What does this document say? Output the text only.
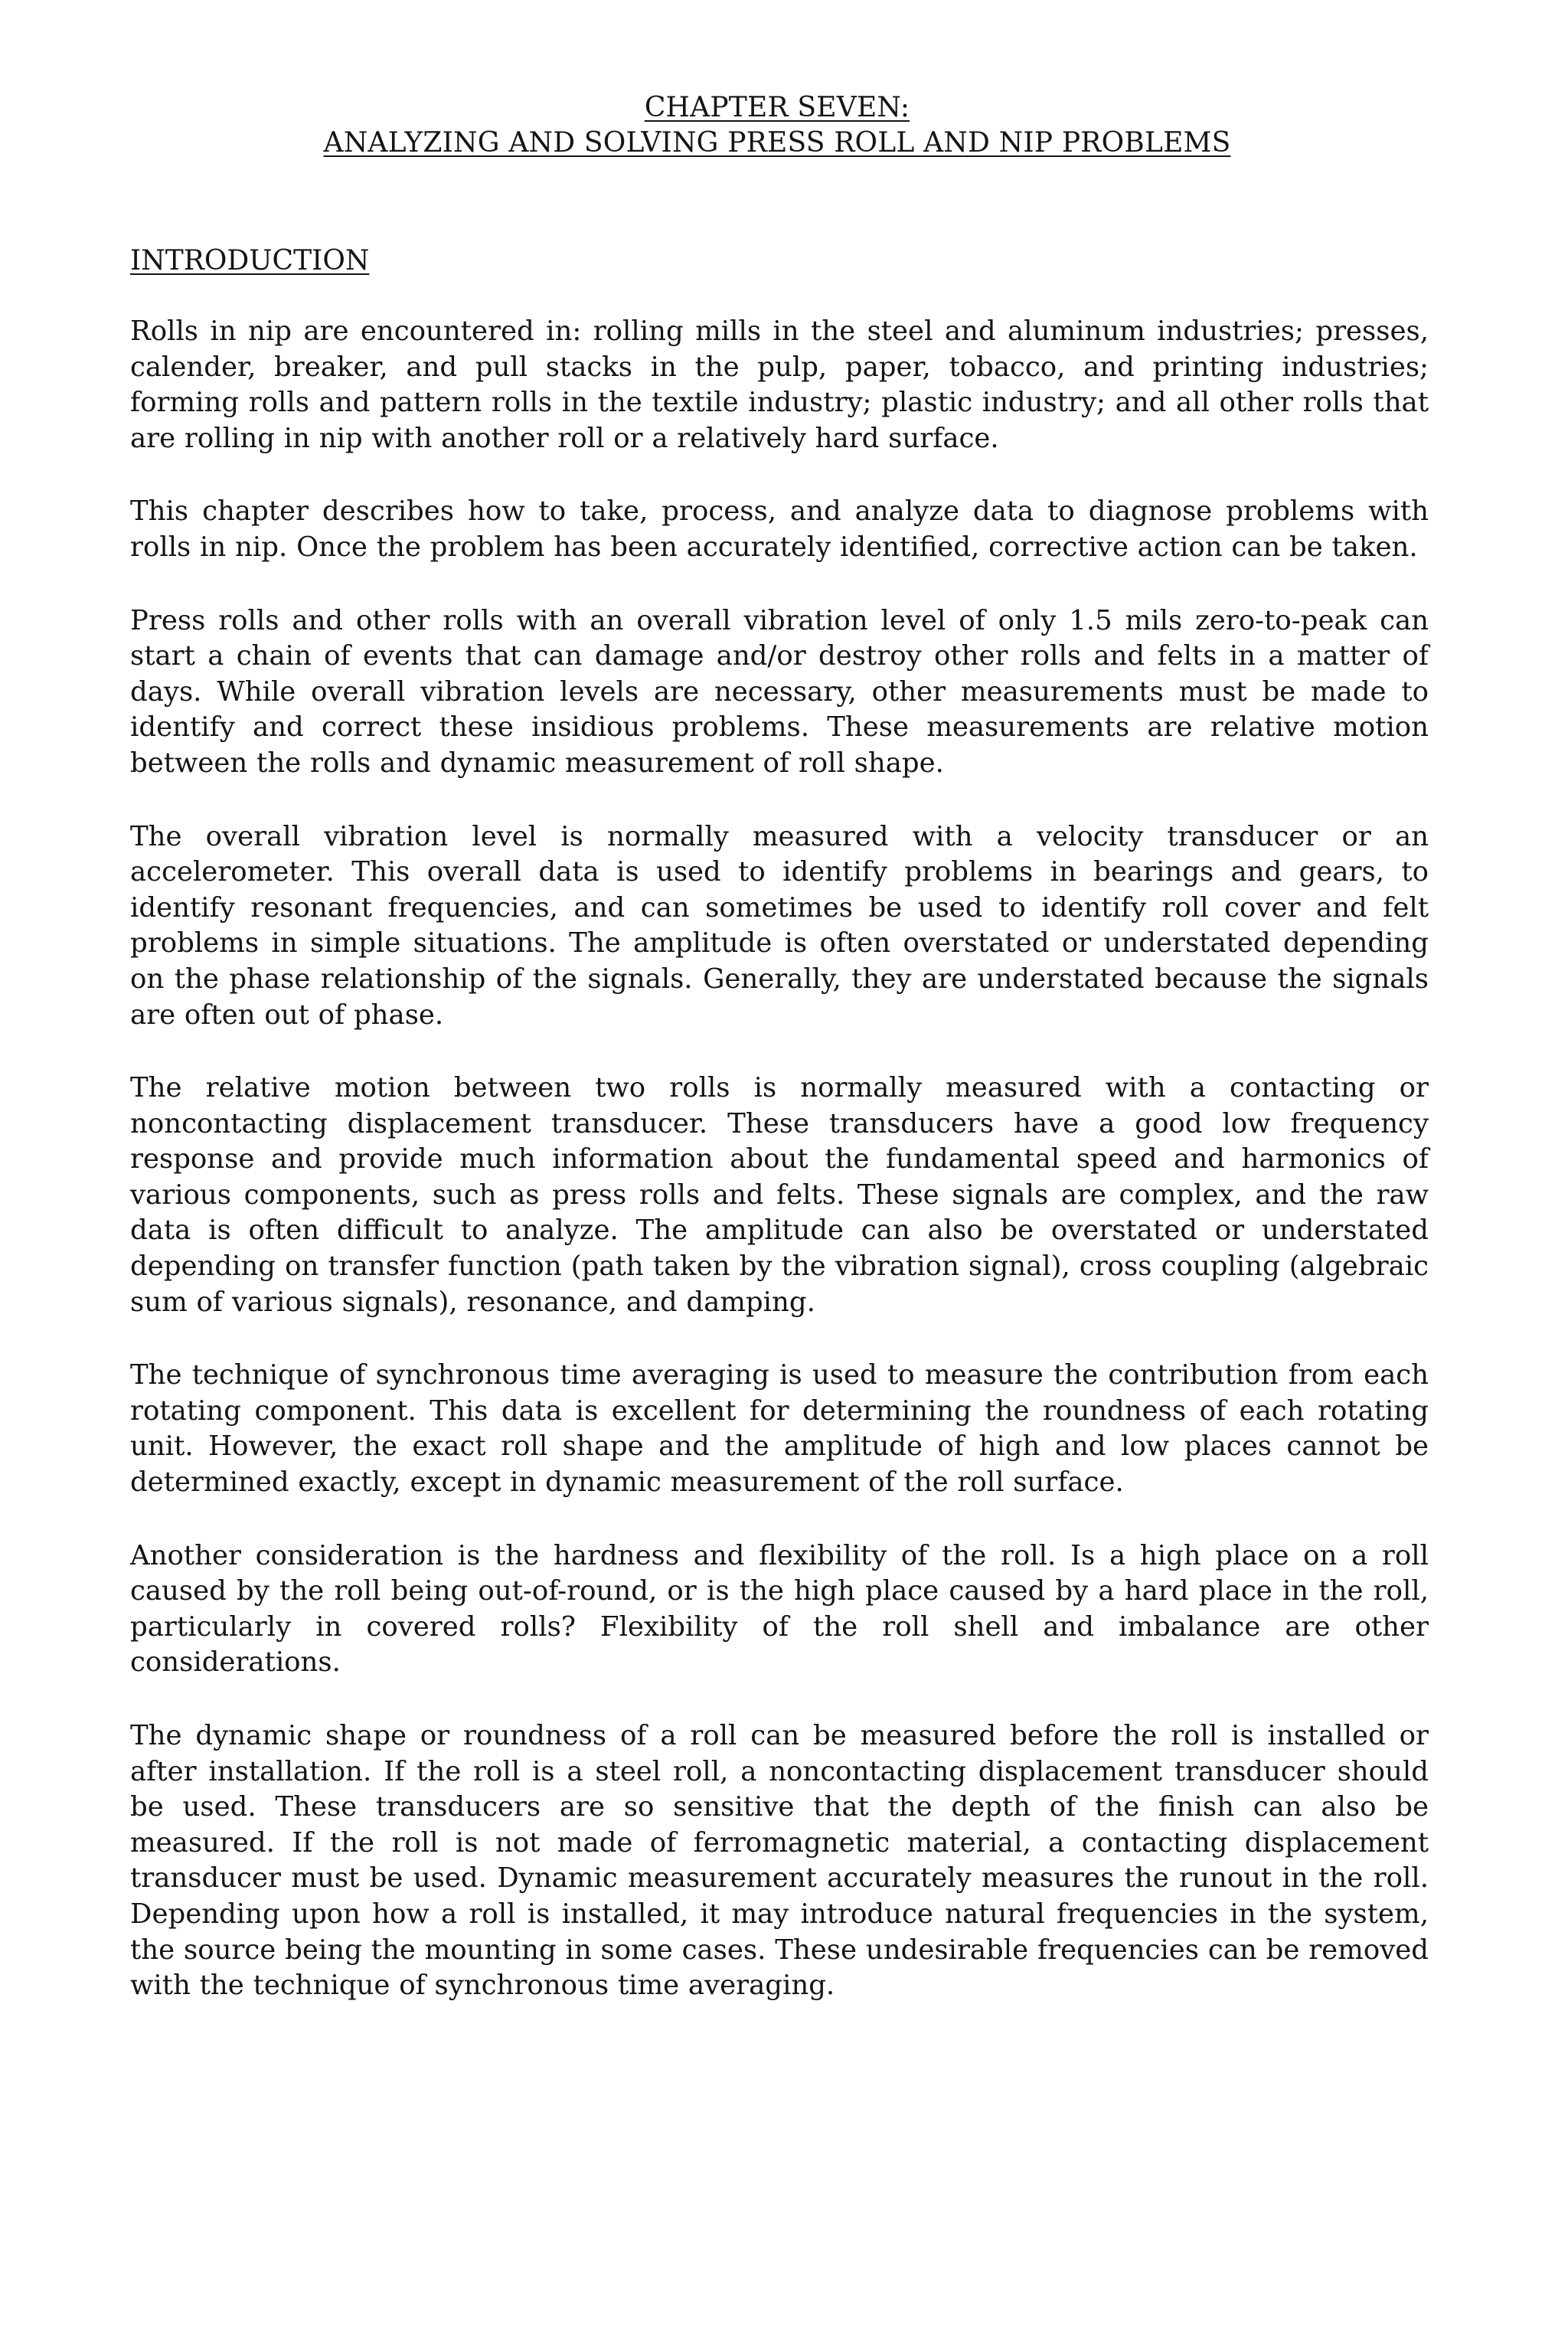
CHAPTER SEVEN:
ANALYZING AND SOLVING PRESS ROLL AND NIP PROBLEMS
INTRODUCTION

Rolls in nip are encountered in: rolling mills in the steel and aluminum industries; presses, calender, breaker, and pull stacks in the pulp, paper, tobacco, and printing industries; forming rolls and pattern rolls in the textile industry; plastic industry; and all other rolls that are rolling in nip with another roll or a relatively hard surface.

This chapter describes how to take, process, and analyze data to diagnose problems with rolls in nip. Once the problem has been accurately identified, corrective action can be taken.

Press rolls and other rolls with an overall vibration level of only 1.5 mils zero-to-peak can start a chain of events that can damage and/or destroy other rolls and felts in a matter of days. While overall vibration levels are necessary, other measurements must be made to identify and correct these insidious problems. These measurements are relative motion between the rolls and dynamic measurement of roll shape.

The overall vibration level is normally measured with a velocity transducer or an accelerometer. This overall data is used to identify problems in bearings and gears, to identify resonant frequencies, and can sometimes be used to identify roll cover and felt problems in simple situations. The amplitude is often overstated or understated depending on the phase relationship of the signals. Generally, they are understated because the signals are often out of phase.

The relative motion between two rolls is normally measured with a contacting or noncontacting displacement transducer. These transducers have a good low frequency response and provide much information about the fundamental speed and harmonics of various components, such as press rolls and felts. These signals are complex, and the raw data is often difficult to analyze. The amplitude can also be overstated or understated depending on transfer function (path taken by the vibration signal), cross coupling (algebraic sum of various signals), resonance, and damping.

The technique of synchronous time averaging is used to measure the contribution from each rotating component. This data is excellent for determining the roundness of each rotating unit. However, the exact roll shape and the amplitude of high and low places cannot be determined exactly, except in dynamic measurement of the roll surface.

Another consideration is the hardness and flexibility of the roll. Is a high place on a roll caused by the roll being out-of-round, or is the high place caused by a hard place in the roll, particularly in covered rolls? Flexibility of the roll shell and imbalance are other considerations.

The dynamic shape or roundness of a roll can be measured before the roll is installed or after installation. If the roll is a steel roll, a noncontacting displacement transducer should be used. These transducers are so sensitive that the depth of the finish can also be measured. If the roll is not made of ferromagnetic material, a contacting displacement transducer must be used. Dynamic measurement accurately measures the runout in the roll. Depending upon how a roll is installed, it may introduce natural frequencies in the system, the source being the mounting in some cases. These undesirable frequencies can be removed with the technique of synchronous time averaging.
